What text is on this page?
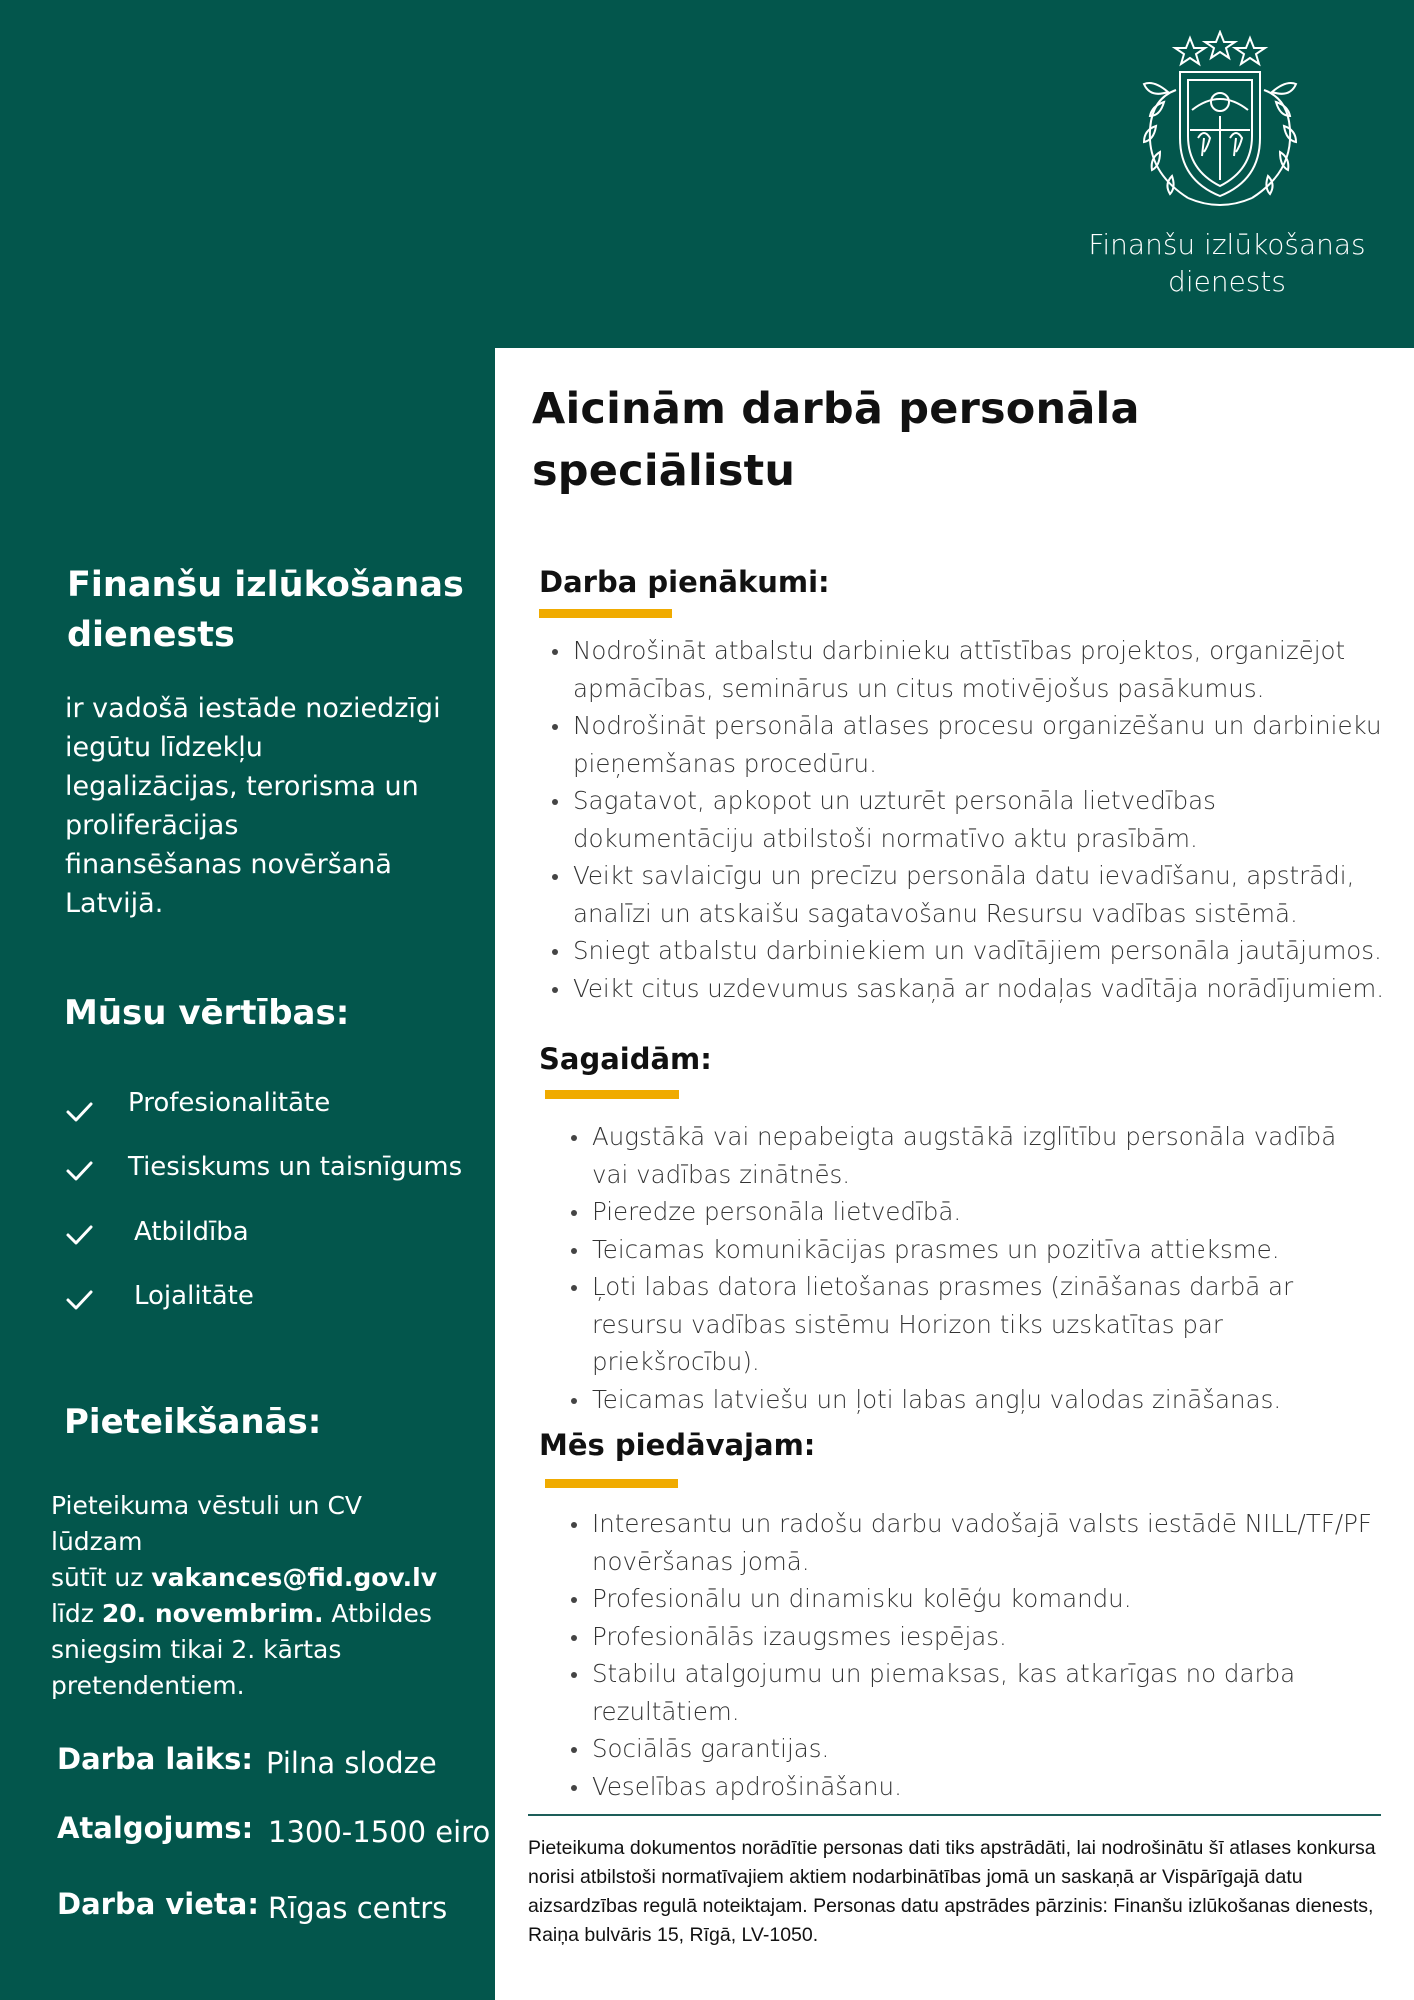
Finanšu izlūkošanas
dienests
Aicinām darbā personāla
speciālistu
Darba pienākumi:
Nodrošināt atbalstu darbinieku attīstības projektos, organizējot apmācības, seminārus un citus motivējošus pasākumus.
Nodrošināt personāla atlases procesu organizēšanu un darbinieku pieņemšanas procedūru.
Sagatavot, apkopot un uzturēt personāla lietvedības dokumentāciju atbilstoši normatīvo aktu prasībām.
Veikt savlaicīgu un precīzu personāla datu ievadīšanu, apstrādi, analīzi un atskaišu sagatavošanu Resursu vadības sistēmā.
Sniegt atbalstu darbiniekiem un vadītājiem personāla jautājumos.
Veikt citus uzdevumus saskaņā ar nodaļas vadītāja norādījumiem.
Sagaidām:
Augstākā vai nepabeigta augstākā izglītību personāla vadībā vai vadības zinātnēs.
Pieredze personāla lietvedībā.
Teicamas komunikācijas prasmes un pozitīva attieksme.
Ļoti labas datora lietošanas prasmes (zināšanas darbā ar resursu vadības sistēmu Horizon tiks uzskatītas par priekšrocību).
Teicamas latviešu un ļoti labas angļu valodas zināšanas.
Mēs piedāvajam:
Interesantu un radošu darbu vadošajā valsts iestādē NILL/TF/PF novēršanas jomā.
Profesionālu un dinamisku kolēģu komandu.
Profesionālās izaugsmes iespējas.
Stabilu atalgojumu un piemaksas, kas atkarīgas no darba rezultātiem.
Sociālās garantijas.
Veselības apdrošināšanu.
Pieteikuma dokumentos norādītie personas dati tiks apstrādāti, lai nodrošinātu šī atlases konkursa norisi atbilstoši normatīvajiem aktiem nodarbinātības jomā un saskaņā ar Vispārīgajā datu aizsardzības regulā noteiktajam. Personas datu apstrādes pārzinis: Finanšu izlūkošanas dienests, Raiņa bulvāris 15, Rīgā, LV-1050.
Finanšu izlūkošanas
dienests
ir vadošā iestāde noziedzīgi
iegūtu līdzekļu
legalizācijas, terorisma un
proliferācijas
finansēšanas novēršanā
Latvijā.
Mūsu vērtības:
Profesionalitāte
Tiesiskums un taisnīgums
Atbildība
Lojalitāte
Pieteikšanās:
Pieteikuma vēstuli un CV
lūdzam
sūtīt uz vakances@fid.gov.lv
līdz 20. novembrim. Atbildes
sniegsim tikai 2. kārtas
pretendentiem.
Darba laiks: Pilna slodze
Atalgojums: 1300-1500 eiro
Darba vieta: Rīgas centrs
